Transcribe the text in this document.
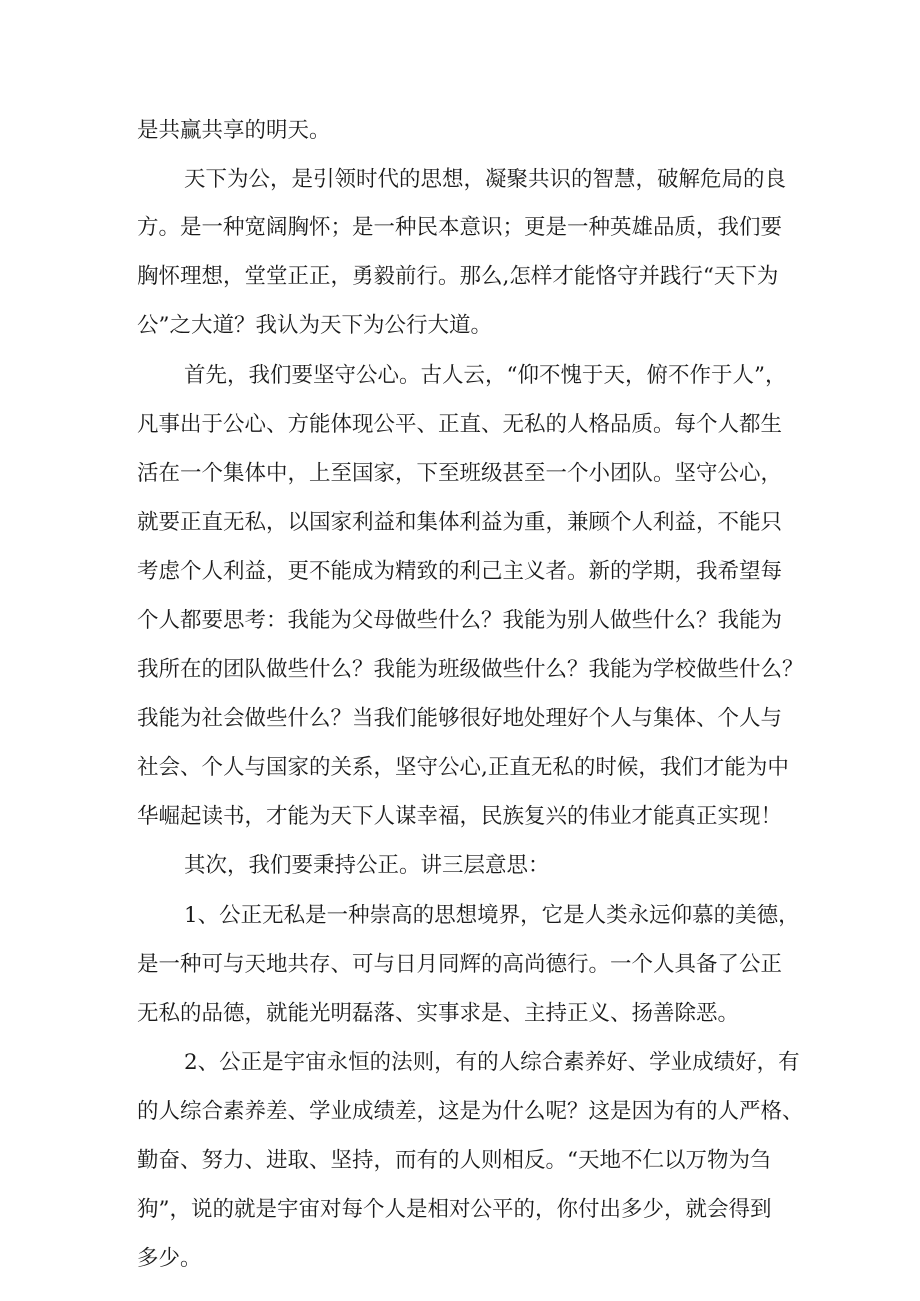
是共赢共享的明天。
天下为公，是引领时代的思想，凝聚共识的智慧，破解危局的良
方。是一种宽阔胸怀；是一种民本意识；更是一种英雄品质，我们要
胸怀理想，堂堂正正，勇毅前行。那么,怎样才能恪守并践行“天下为
公”之大道？我认为天下为公行大道。
首先，我们要坚守公心。古人云，“仰不愧于天，俯不作于人”，
凡事出于公心、方能体现公平、正直、无私的人格品质。每个人都生
活在一个集体中，上至国家，下至班级甚至一个小团队。坚守公心，
就要正直无私，以国家利益和集体利益为重，兼顾个人利益，不能只
考虑个人利益，更不能成为精致的利己主义者。新的学期，我希望每
个人都要思考：我能为父母做些什么？我能为别人做些什么？我能为
我所在的团队做些什么？我能为班级做些什么？我能为学校做些什么？
我能为社会做些什么？当我们能够很好地处理好个人与集体、个人与
社会、个人与国家的关系，坚守公心,正直无私的时候，我们才能为中
华崛起读书，才能为天下人谋幸福，民族复兴的伟业才能真正实现！
其次，我们要秉持公正。讲三层意思：
1、公正无私是一种崇高的思想境界，它是人类永远仰慕的美德，
是一种可与天地共存、可与日月同辉的高尚德行。一个人具备了公正
无私的品德，就能光明磊落、实事求是、主持正义、扬善除恶。
2、公正是宇宙永恒的法则，有的人综合素养好、学业成绩好，有
的人综合素养差、学业成绩差，这是为什么呢？这是因为有的人严格、
勤奋、努力、进取、坚持，而有的人则相反。“天地不仁以万物为刍
狗”，说的就是宇宙对每个人是相对公平的，你付出多少，就会得到
多少。
